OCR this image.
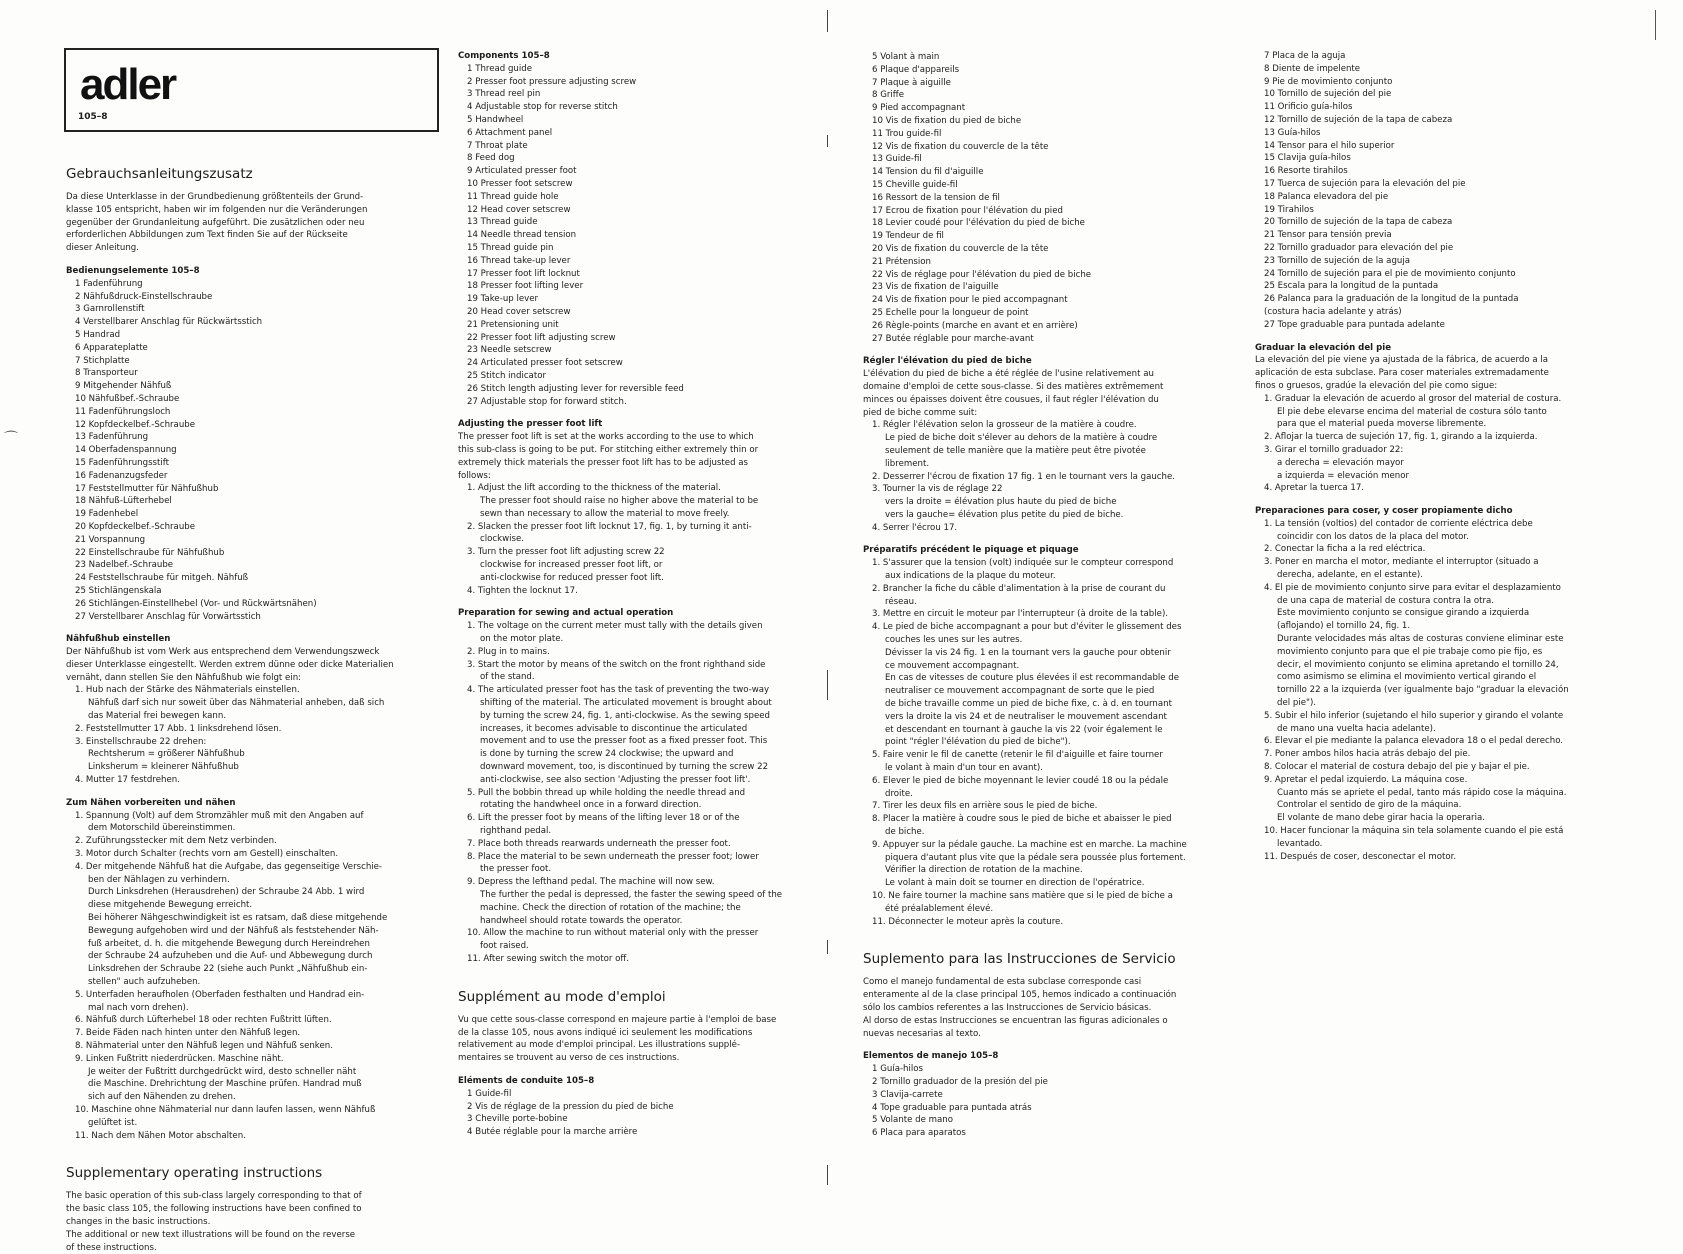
adler
105–8
⌒
Gebrauchsanleitungszusatz
Da diese Unterklasse in der Grundbedienung größtenteils der Grund-
klasse 105 entspricht, haben wir im folgenden nur die Veränderungen
gegenüber der Grundanleitung aufgeführt. Die zusätzlichen oder neu
erforderlichen Abbildungen zum Text finden Sie auf der Rückseite
dieser Anleitung.
Bedienungselemente 105–8
1 Fadenführung
2 Nähfußdruck-Einstellschraube
3 Garnrollenstift
4 Verstellbarer Anschlag für Rückwärtsstich
5 Handrad
6 Apparateplatte
7 Stichplatte
8 Transporteur
9 Mitgehender Nähfuß
10 Nähfußbef.-Schraube
11 Fadenführungsloch
12 Kopfdeckelbef.-Schraube
13 Fadenführung
14 Oberfadenspannung
15 Fadenführungsstift
16 Fadenanzugsfeder
17 Feststellmutter für Nähfußhub
18 Nähfuß-Lüfterhebel
19 Fadenhebel
20 Kopfdeckelbef.-Schraube
21 Vorspannung
22 Einstellschraube für Nähfußhub
23 Nadelbef.-Schraube
24 Feststellschraube für mitgeh. Nähfuß
25 Stichlängenskala
26 Stichlängen-Einstellhebel (Vor- und Rückwärtsnähen)
27 Verstellbarer Anschlag für Vorwärtsstich
Nähfußhub einstellen
Der Nähfußhub ist vom Werk aus entsprechend dem Verwendungszweck
dieser Unterklasse eingestellt. Werden extrem dünne oder dicke Materialien
vernäht, dann stellen Sie den Nähfußhub wie folgt ein:
1. Hub nach der Stärke des Nähmaterials einstellen.
Nähfuß darf sich nur soweit über das Nähmaterial anheben, daß sich
das Material frei bewegen kann.
2. Feststellmutter 17 Abb. 1 linksdrehend lösen.
3. Einstellschraube 22 drehen:
Rechtsherum = größerer Nähfußhub
Linksherum = kleinerer Nähfußhub
4. Mutter 17 festdrehen.
Zum Nähen vorbereiten und nähen
1. Spannung (Volt) auf dem Stromzähler muß mit den Angaben auf
dem Motorschild übereinstimmen.
2. Zuführungsstecker mit dem Netz verbinden.
3. Motor durch Schalter (rechts vorn am Gestell) einschalten.
4. Der mitgehende Nähfuß hat die Aufgabe, das gegenseitige Verschie-
ben der Nählagen zu verhindern.
Durch Linksdrehen (Herausdrehen) der Schraube 24 Abb. 1 wird
diese mitgehende Bewegung erreicht.
Bei höherer Nähgeschwindigkeit ist es ratsam, daß diese mitgehende
Bewegung aufgehoben wird und der Nähfuß als feststehender Näh-
fuß arbeitet, d. h. die mitgehende Bewegung durch Hereindrehen
der Schraube 24 aufzuheben und die Auf- und Abbewegung durch
Linksdrehen der Schraube 22 (siehe auch Punkt „Nähfußhub ein-
stellen" auch aufzuheben.
5. Unterfaden heraufholen (Oberfaden festhalten und Handrad ein-
mal nach vorn drehen).
6. Nähfuß durch Lüfterhebel 18 oder rechten Fußtritt lüften.
7. Beide Fäden nach hinten unter den Nähfuß legen.
8. Nähmaterial unter den Nähfuß legen und Nähfuß senken.
9. Linken Fußtritt niederdrücken. Maschine näht.
Je weiter der Fußtritt durchgedrückt wird, desto schneller näht
die Maschine. Drehrichtung der Maschine prüfen. Handrad muß
sich auf den Nähenden zu drehen.
10. Maschine ohne Nähmaterial nur dann laufen lassen, wenn Nähfuß
gelüftet ist.
11. Nach dem Nähen Motor abschalten.
Supplementary operating instructions
The basic operation of this sub-class largely corresponding to that of
the basic class 105, the following instructions have been confined to
changes in the basic instructions.
The additional or new text illustrations will be found on the reverse
of these instructions.
Components 105–8
1 Thread guide
2 Presser foot pressure adjusting screw
3 Thread reel pin
4 Adjustable stop for reverse stitch
5 Handwheel
6 Attachment panel
7 Throat plate
8 Feed dog
9 Articulated presser foot
10 Presser foot setscrew
11 Thread guide hole
12 Head cover setscrew
13 Thread guide
14 Needle thread tension
15 Thread guide pin
16 Thread take-up lever
17 Presser foot lift locknut
18 Presser foot lifting lever
19 Take-up lever
20 Head cover setscrew
21 Pretensioning unit
22 Presser foot lift adjusting screw
23 Needle setscrew
24 Articulated presser foot setscrew
25 Stitch indicator
26 Stitch length adjusting lever for reversible feed
27 Adjustable stop for forward stitch.
Adjusting the presser foot lift
The presser foot lift is set at the works according to the use to which
this sub-class is going to be put. For stitching either extremely thin or
extremely thick materials the presser foot lift has to be adjusted as
follows:
1. Adjust the lift according to the thickness of the material.
The presser foot should raise no higher above the material to be
sewn than necessary to allow the material to move freely.
2. Slacken the presser foot lift locknut 17, fig. 1, by turning it anti-
clockwise.
3. Turn the presser foot lift adjusting screw 22
clockwise for increased presser foot lift, or
anti-clockwise for reduced presser foot lift.
4. Tighten the locknut 17.
Preparation for sewing and actual operation
1. The voltage on the current meter must tally with the details given
on the motor plate.
2. Plug in to mains.
3. Start the motor by means of the switch on the front righthand side
of the stand.
4. The articulated presser foot has the task of preventing the two-way
shifting of the material. The articulated movement is brought about
by turning the screw 24, fig. 1, anti-clockwise. As the sewing speed
increases, it becomes advisable to discontinue the articulated
movement and to use the presser foot as a fixed presser foot. This
is done by turning the screw 24 clockwise; the upward and
downward movement, too, is discontinued by turning the screw 22
anti-clockwise, see also section 'Adjusting the presser foot lift'.
5. Pull the bobbin thread up while holding the needle thread and
rotating the handwheel once in a forward direction.
6. Lift the presser foot by means of the lifting lever 18 or of the
righthand pedal.
7. Place both threads rearwards underneath the presser foot.
8. Place the material to be sewn underneath the presser foot; lower
the presser foot.
9. Depress the lefthand pedal. The machine will now sew.
The further the pedal is depressed, the faster the sewing speed of the
machine. Check the direction of rotation of the machine; the
handwheel should rotate towards the operator.
10. Allow the machine to run without material only with the presser
foot raised.
11. After sewing switch the motor off.
Supplément au mode d'emploi
Vu que cette sous-classe correspond en majeure partie à l'emploi de base
de la classe 105, nous avons indiqué ici seulement les modifications
relativement au mode d'emploi principal. Les illustrations supplé-
mentaires se trouvent au verso de ces instructions.
Eléments de conduite 105–8
1 Guide-fil
2 Vis de réglage de la pression du pied de biche
3 Cheville porte-bobine
4 Butée réglable pour la marche arrière
5 Volant à main
6 Plaque d'appareils
7 Plaque à aiguille
8 Griffe
9 Pied accompagnant
10 Vis de fixation du pied de biche
11 Trou guide-fil
12 Vis de fixation du couvercle de la tête
13 Guide-fil
14 Tension du fil d'aiguille
15 Cheville guide-fil
16 Ressort de la tension de fil
17 Ecrou de fixation pour l'élévation du pied
18 Levier coudé pour l'élévation du pied de biche
19 Tendeur de fil
20 Vis de fixation du couvercle de la tête
21 Prétension
22 Vis de réglage pour l'élévation du pied de biche
23 Vis de fixation de l'aiguille
24 Vis de fixation pour le pied accompagnant
25 Echelle pour la longueur de point
26 Règle-points (marche en avant et en arrière)
27 Butée réglable pour marche-avant
Régler l'élévation du pied de biche
L'élévation du pied de biche a été réglée de l'usine relativement au
domaine d'emploi de cette sous-classe. Si des matières extrêmement
minces ou épaisses doivent être cousues, il faut régler l'élévation du
pied de biche comme suit:
1. Régler l'élévation selon la grosseur de la matière à coudre.
Le pied de biche doit s'élever au dehors de la matière à coudre
seulement de telle manière que la matière peut être pivotée
librement.
2. Desserrer l'écrou de fixation 17 fig. 1 en le tournant vers la gauche.
3. Tourner la vis de réglage 22
vers la droite = élévation plus haute du pied de biche
vers la gauche= élévation plus petite du pied de biche.
4. Serrer l'écrou 17.
Préparatifs précédent le piquage et piquage
1. S'assurer que la tension (volt) indiquée sur le compteur correspond
aux indications de la plaque du moteur.
2. Brancher la fiche du câble d'alimentation à la prise de courant du
réseau.
3. Mettre en circuit le moteur par l'interrupteur (à droite de la table).
4. Le pied de biche accompagnant a pour but d'éviter le glissement des
couches les unes sur les autres.
Dévisser la vis 24 fig. 1 en la tournant vers la gauche pour obtenir
ce mouvement accompagnant.
En cas de vitesses de couture plus élevées il est recommandable de
neutraliser ce mouvement accompagnant de sorte que le pied
de biche travaille comme un pied de biche fixe, c. à d. en tournant
vers la droite la vis 24 et de neutraliser le mouvement ascendant
et descendant en tournant à gauche la vis 22 (voir également le
point "régler l'élévation du pied de biche").
5. Faire venir le fil de canette (retenir le fil d'aiguille et faire tourner
le volant à main d'un tour en avant).
6. Elever le pied de biche moyennant le levier coudé 18 ou la pédale
droite.
7. Tirer les deux fils en arrière sous le pied de biche.
8. Placer la matière à coudre sous le pied de biche et abaisser le pied
de biche.
9. Appuyer sur la pédale gauche. La machine est en marche. La machine
piquera d'autant plus vite que la pédale sera poussée plus fortement.
Vérifier la direction de rotation de la machine.
Le volant à main doit se tourner en direction de l'opératrice.
10. Ne faire tourner la machine sans matière que si le pied de biche a
été préalablement élevé.
11. Déconnecter le moteur après la couture.
Suplemento para las Instrucciones de Servicio
Como el manejo fundamental de esta subclase corresponde casi
enteramente al de la clase principal 105, hemos indicado a continuación
sólo los cambios referentes a las Instrucciones de Servicio básicas.
Al dorso de estas Instrucciones se encuentran las figuras adicionales o
nuevas necesarias al texto.
Elementos de manejo 105–8
1 Guía-hilos
2 Tornillo graduador de la presión del pie
3 Clavija-carrete
4 Tope graduable para puntada atrás
5 Volante de mano
6 Placa para aparatos
7 Placa de la aguja
8 Diente de impelente
9 Pie de movimiento conjunto
10 Tornillo de sujeción del pie
11 Orificio guía-hilos
12 Tornillo de sujeción de la tapa de cabeza
13 Guía-hilos
14 Tensor para el hilo superior
15 Clavija guía-hilos
16 Resorte tirahilos
17 Tuerca de sujeción para la elevación del pie
18 Palanca elevadora del pie
19 Tirahilos
20 Tornillo de sujeción de la tapa de cabeza
21 Tensor para tensión previa
22 Tornillo graduador para elevación del pie
23 Tornillo de sujeción de la aguja
24 Tornillo de sujeción para el pie de movimiento conjunto
25 Escala para la longitud de la puntada
26 Palanca para la graduación de la longitud de la puntada
(costura hacia adelante y atrás)
27 Tope graduable para puntada adelante
Graduar la elevación del pie
La elevación del pie viene ya ajustada de la fábrica, de acuerdo a la
aplicación de esta subclase. Para coser materiales extremadamente
finos o gruesos, gradúe la elevación del pie como sigue:
1. Graduar la elevación de acuerdo al grosor del material de costura.
El pie debe elevarse encima del material de costura sólo tanto
para que el material pueda moverse libremente.
2. Aflojar la tuerca de sujeción 17, fig. 1, girando a la izquierda.
3. Girar el tornillo graduador 22:
a derecha = elevación mayor
a izquierda = elevación menor
4. Apretar la tuerca 17.
Preparaciones para coser, y coser propiamente dicho
1. La tensión (voltios) del contador de corriente eléctrica debe
coincidir con los datos de la placa del motor.
2. Conectar la ficha a la red eléctrica.
3. Poner en marcha el motor, mediante el interruptor (situado a
derecha, adelante, en el estante).
4. El pie de movimiento conjunto sirve para evitar el desplazamiento
de una capa de material de costura contra la otra.
Este movimiento conjunto se consigue girando a izquierda
(aflojando) el tornillo 24, fig. 1.
Durante velocidades más altas de costuras conviene eliminar este
movimiento conjunto para que el pie trabaje como pie fijo, es
decir, el movimiento conjunto se elimina apretando el tornillo 24,
como asimismo se elimina el movimiento vertical girando el
tornillo 22 a la izquierda (ver igualmente bajo "graduar la elevación
del pie").
5. Subir el hilo inferior (sujetando el hilo superior y girando el volante
de mano una vuelta hacia adelante).
6. Elevar el pie mediante la palanca elevadora 18 o el pedal derecho.
7. Poner ambos hilos hacia atrás debajo del pie.
8. Colocar el material de costura debajo del pie y bajar el pie.
9. Apretar el pedal izquierdo. La máquina cose.
Cuanto más se apriete el pedal, tanto más rápido cose la máquina.
Controlar el sentido de giro de la máquina.
El volante de mano debe girar hacia la operaria.
10. Hacer funcionar la máquina sin tela solamente cuando el pie está
levantado.
11. Después de coser, desconectar el motor.
